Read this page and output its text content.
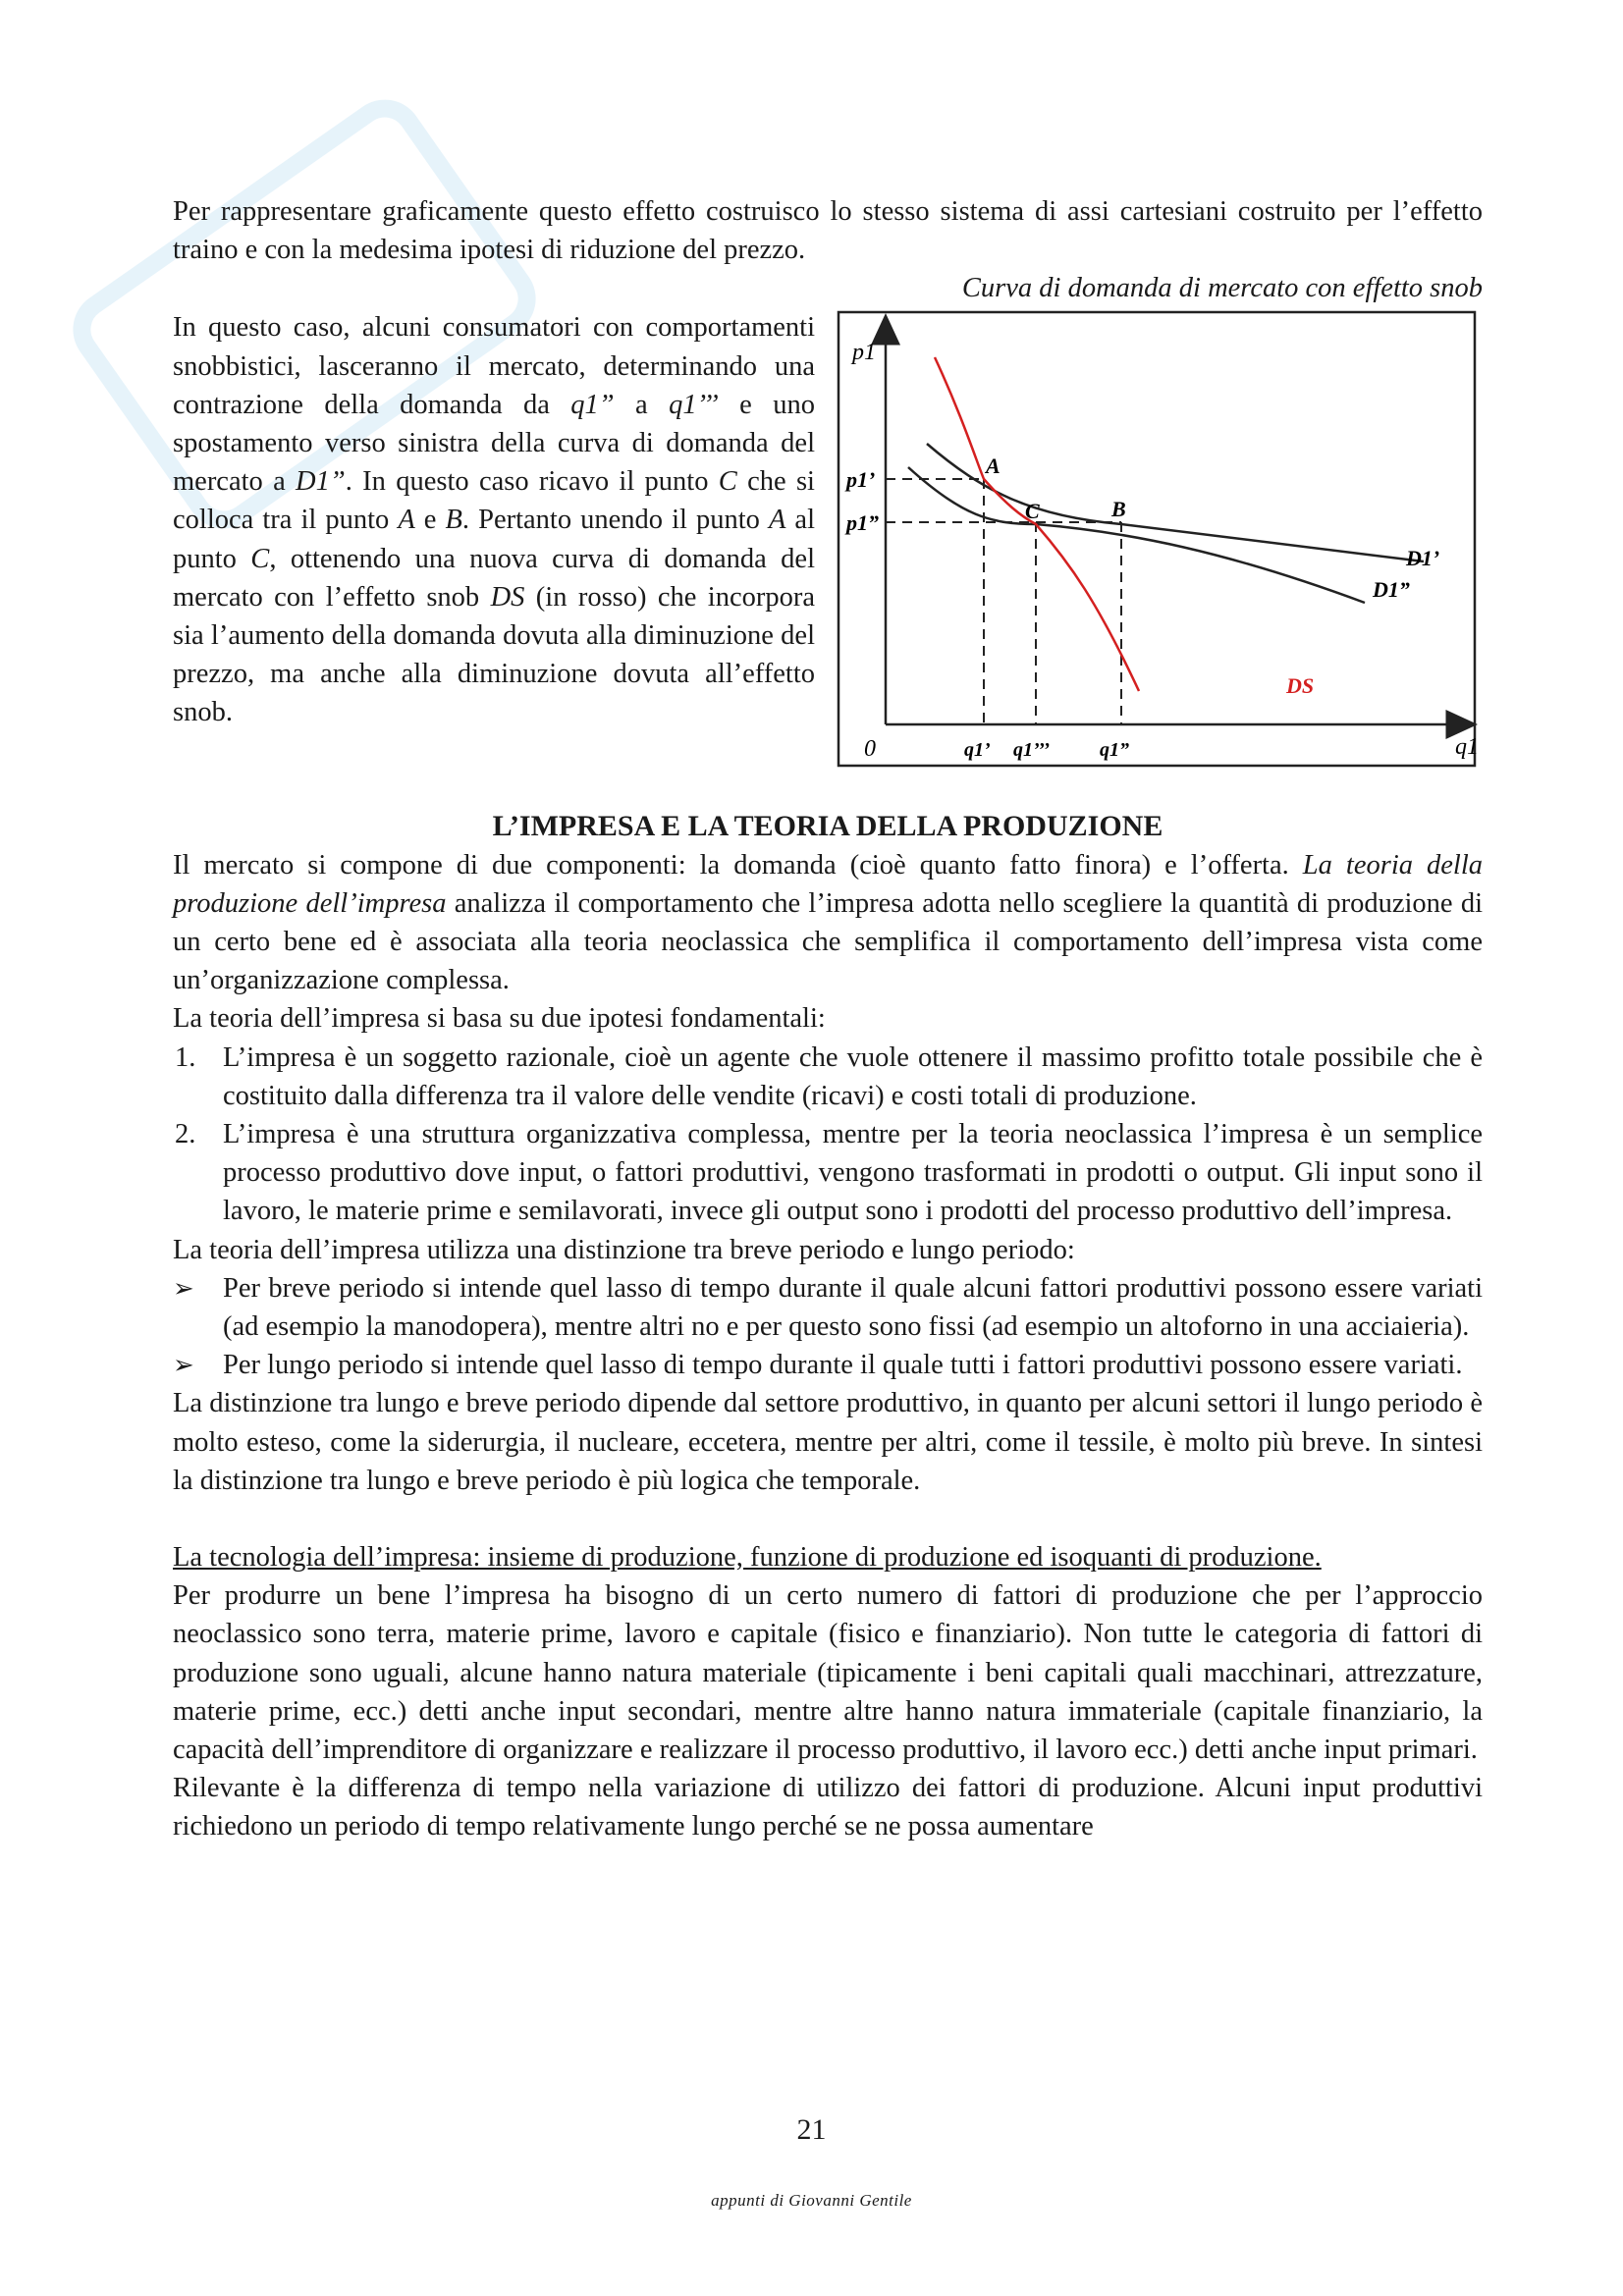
Per rappresentare graficamente questo effetto costruisco lo stesso sistema di assi cartesiani costruito per l’effetto traino e con la medesima ipotesi di riduzione del prezzo.

Curva di domanda di mercato con effetto snob

In questo caso, alcuni consumatori con comportamenti snobbistici, lasceranno il mercato, determinando una contrazione della domanda da q1” a q1’’’ e uno spostamento verso sinistra della curva di domanda del mercato a D1”. In questo caso ricavo il punto C che si colloca tra il punto A e B. Pertanto unendo il punto A al punto C, ottenendo una nuova curva di domanda del mercato con l’effetto snob DS (in rosso) che incorpora sia l’aumento della domanda dovuta alla diminuzione del prezzo, ma anche alla diminuzione dovuta all’effetto snob.

p1
q1
0
p1’
p1”
q1’ q1’’’	q1”
A
C	B
D1’
D1”
DS
L’IMPRESA E LA TEORIA DELLA PRODUZIONE

Il mercato si compone di due componenti: la domanda (cioè quanto fatto finora) e l’offerta. La teoria della produzione dell’impresa analizza il comportamento che l’impresa adotta nello scegliere la quantità di produzione di un certo bene ed è associata alla teoria neoclassica che semplifica il comportamento dell’impresa vista come un’organizzazione complessa.

La teoria dell’impresa si basa su due ipotesi fondamentali:

1. L’impresa è un soggetto razionale, cioè un agente che vuole ottenere il massimo profitto totale possibile che è costituito dalla differenza tra il valore delle vendite (ricavi) e costi totali di produzione.
2. L’impresa è una struttura organizzativa complessa, mentre per la teoria neoclassica l’impresa è un semplice processo produttivo dove input, o fattori produttivi, vengono trasformati in prodotti o output. Gli input sono il lavoro, le materie prime e semilavorati, invece gli output sono i prodotti del processo produttivo dell’impresa.

La teoria dell’impresa utilizza una distinzione tra breve periodo e lungo periodo:

➢ Per breve periodo si intende quel lasso di tempo durante il quale alcuni fattori produttivi possono essere variati (ad esempio la manodopera), mentre altri no e per questo sono fissi (ad esempio un altoforno in una acciaieria).
➢ Per lungo periodo si intende quel lasso di tempo durante il quale tutti i fattori produttivi possono essere variati.

La distinzione tra lungo e breve periodo dipende dal settore produttivo, in quanto per alcuni settori il lungo periodo è molto esteso, come la siderurgia, il nucleare, eccetera, mentre per altri, come il tessile, è molto più breve. In sintesi la distinzione tra lungo e breve periodo è più logica che temporale.

La tecnologia dell’impresa: insieme di produzione, funzione di produzione ed isoquanti di produzione.

Per produrre un bene l’impresa ha bisogno di un certo numero di fattori di produzione che per l’approccio neoclassico sono terra, materie prime, lavoro e capitale (fisico e finanziario). Non tutte le categoria di fattori di produzione sono uguali, alcune hanno natura materiale (tipicamente i beni capitali quali macchinari, attrezzature, materie prime, ecc.) detti anche input secondari, mentre altre hanno natura immateriale (capitale finanziario, la capacità dell’imprenditore di organizzare e realizzare il processo produttivo, il lavoro ecc.) detti anche input primari.

Rilevante è la differenza di tempo nella variazione di utilizzo dei fattori di produzione. Alcuni input produttivi richiedono un periodo di tempo relativamente lungo perché se ne possa aumentare

21
appunti di Giovanni Gentile
